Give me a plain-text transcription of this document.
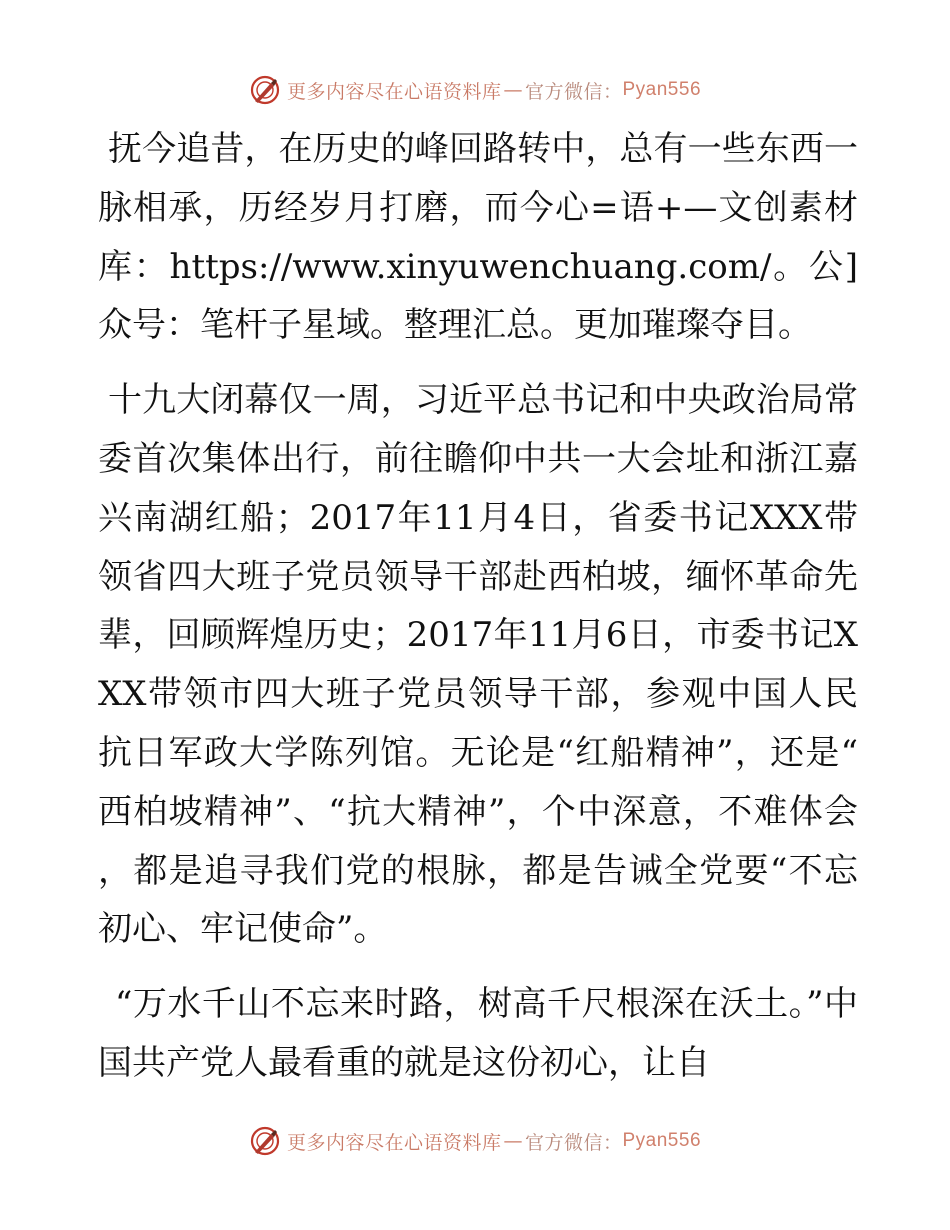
更多内容尽在心语资料库 — 官方微信： Pyan556

抚今追昔，在历史的峰回路转中，总有一些东西一脉相承，历经岁月打磨，而今心=语+—文创素材库：https://www.xinyuwenchuang.com/。公]众号：笔杆子星域。整理汇总。更加璀璨夺目。

十九大闭幕仅一周，习近平总书记和中央政治局常委首次集体出行，前往瞻仰中共一大会址和浙江嘉兴南湖红船；2017年11月4日，省委书记XXX带领省四大班子党员领导干部赴西柏坡，缅怀革命先辈，回顾辉煌历史；2017年11月6日，市委书记XXX带领市四大班子党员领导干部，参观中国人民抗日军政大学陈列馆。无论是“红船精神”，还是“西柏坡精神”、“抗大精神”，个中深意，不难体会，都是追寻我们党的根脉，都是告诫全党要“不忘初心、牢记使命”。

“万水千山不忘来时路，树高千尺根深在沃土。”中国共产党人最看重的就是这份初心，让自

更多内容尽在心语资料库 — 官方微信： Pyan556
